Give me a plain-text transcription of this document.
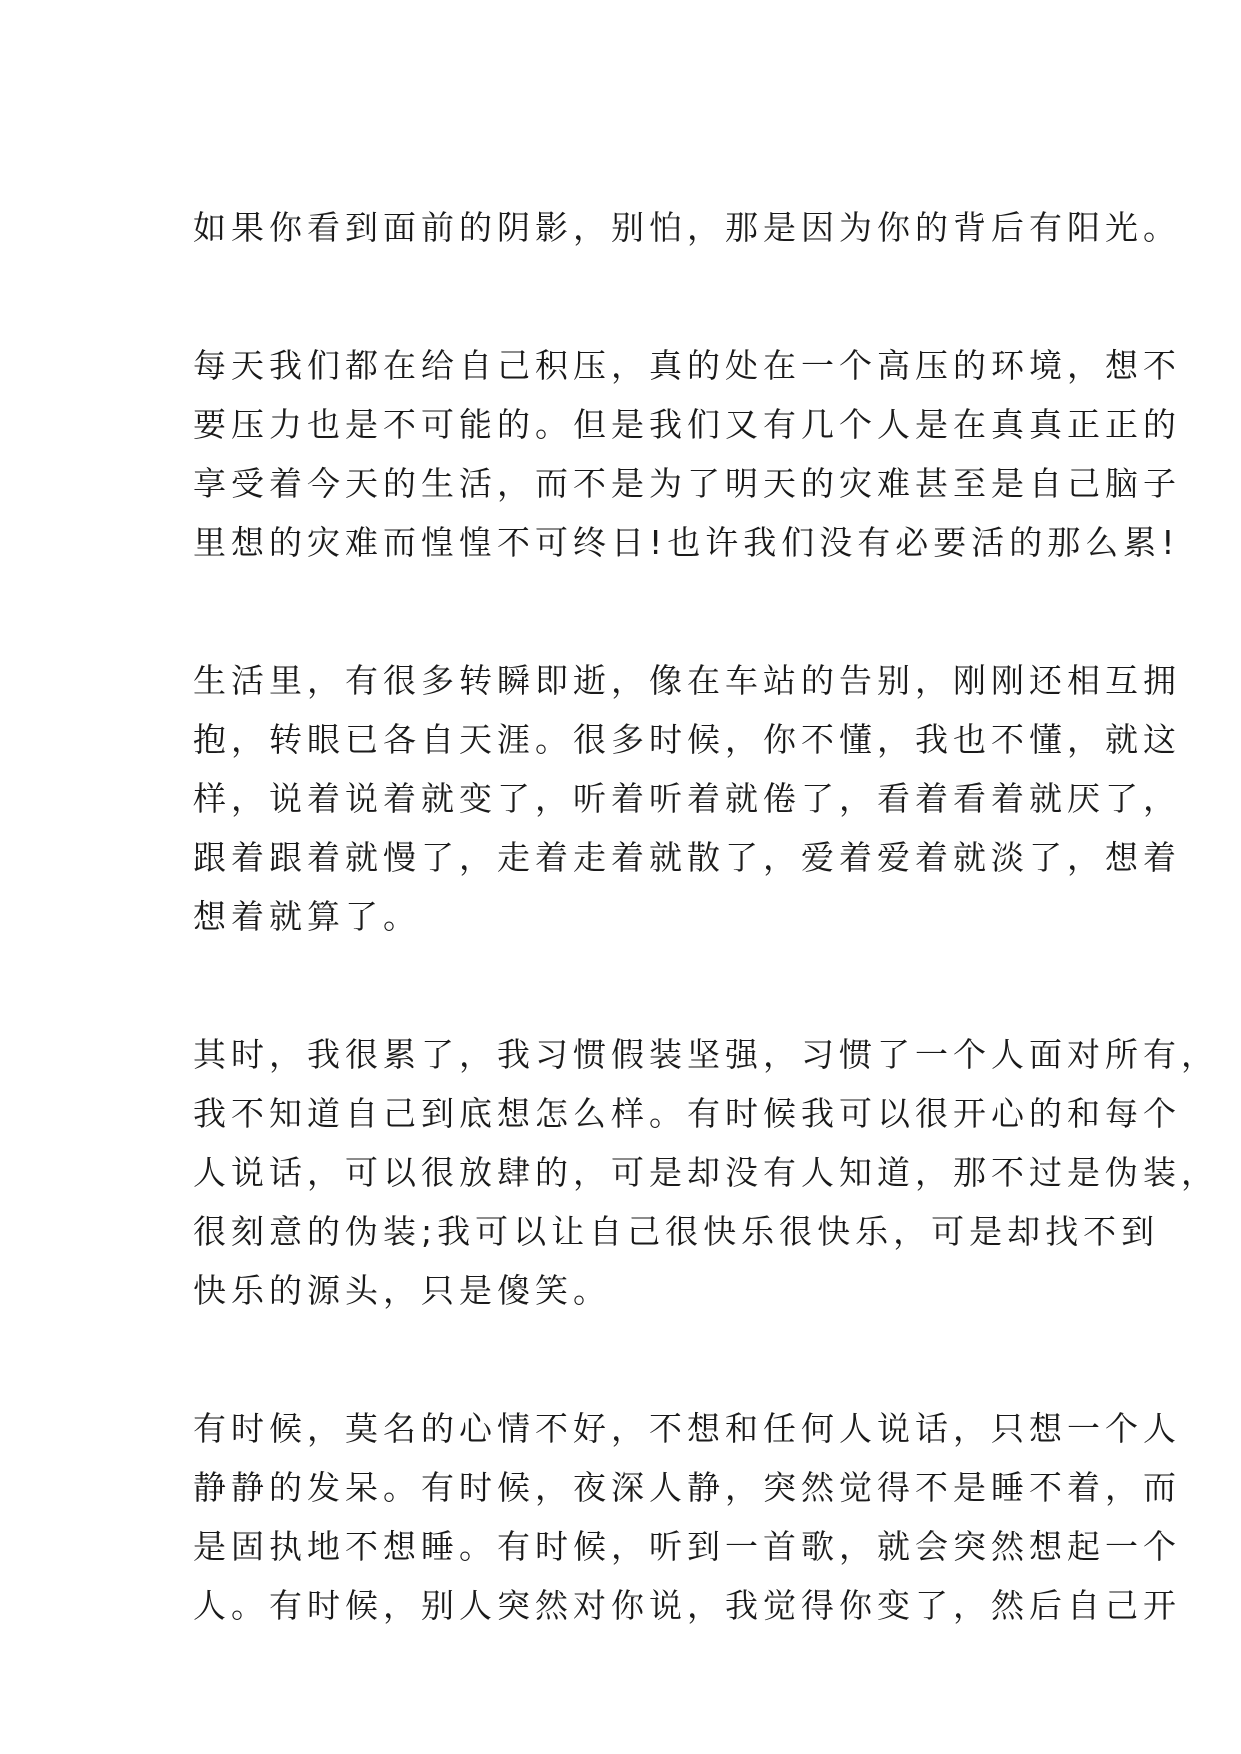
如果你看到面前的阴影，别怕，那是因为你的背后有阳光。
每天我们都在给自己积压，真的处在一个高压的环境，想不
要压力也是不可能的。但是我们又有几个人是在真真正正的
享受着今天的生活，而不是为了明天的灾难甚至是自己脑子
里想的灾难而惶惶不可终日!也许我们没有必要活的那么累!
生活里，有很多转瞬即逝，像在车站的告别，刚刚还相互拥
抱，转眼已各自天涯。很多时候，你不懂，我也不懂，就这
样，说着说着就变了，听着听着就倦了，看着看着就厌了，
跟着跟着就慢了，走着走着就散了，爱着爱着就淡了，想着
想着就算了。
其时，我很累了，我习惯假装坚强，习惯了一个人面对所有，
我不知道自己到底想怎么样。有时候我可以很开心的和每个
人说话，可以很放肆的，可是却没有人知道，那不过是伪装，
很刻意的伪装;我可以让自己很快乐很快乐，可是却找不到
快乐的源头，只是傻笑。
有时候，莫名的心情不好，不想和任何人说话，只想一个人
静静的发呆。有时候，夜深人静，突然觉得不是睡不着，而
是固执地不想睡。有时候，听到一首歌，就会突然想起一个
人。有时候，别人突然对你说，我觉得你变了，然后自己开
